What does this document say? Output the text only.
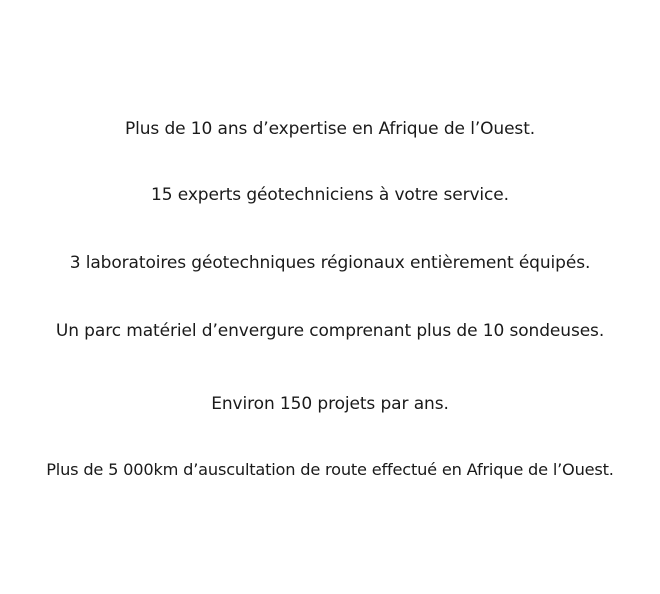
Plus de 10 ans d’expertise en Afrique de l’Ouest.

15 experts géotechniciens à votre service.

3 laboratoires géotechniques régionaux entièrement équipés.

Un parc matériel d’envergure comprenant plus de 10 sondeuses.

Environ 150 projets par ans.

Plus de 5 000km d’auscultation de route effectué en Afrique de l’Ouest.
